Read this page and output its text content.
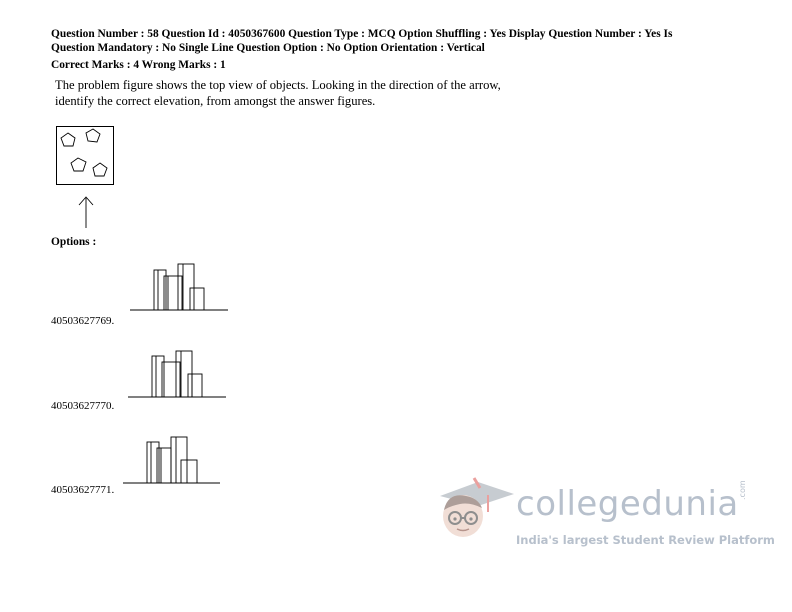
Question Number : 58 Question Id : 4050367600 Question Type : MCQ Option Shuffling : Yes Display Question Number : Yes Is
Question Mandatory : No Single Line Question Option : No Option Orientation : Vertical
Correct Marks : 4 Wrong Marks : 1
The problem figure shows the top view of objects. Looking in the direction of the arrow,
identify the correct elevation, from amongst the answer figures.
Options :
40503627769.
40503627770.
40503627771.	collegedunia .com
India's largest Student Review Platform
